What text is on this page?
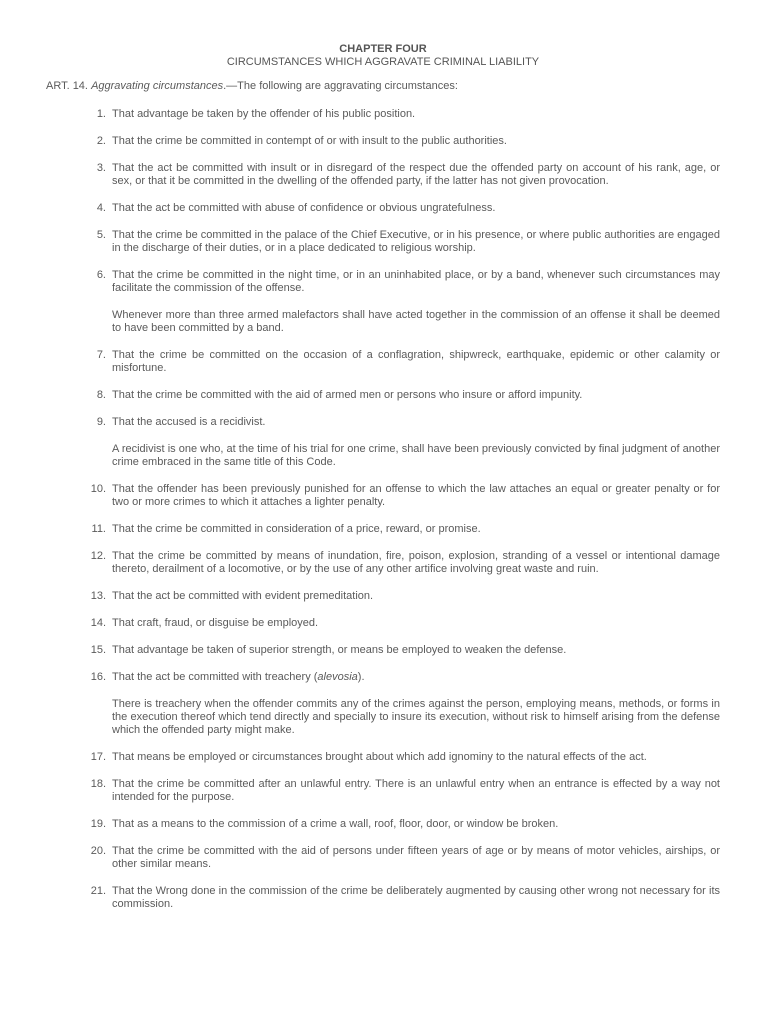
CHAPTER FOUR

CIRCUMSTANCES WHICH AGGRAVATE CRIMINAL LIABILITY

ART. 14. Aggravating circumstances.—The following are aggravating circumstances:

1. That advantage be taken by the offender of his public position.
2. That the crime be committed in contempt of or with insult to the public authorities.
3. That the act be committed with insult or in disregard of the respect due the offended party on account of his rank, age, or sex, or that it be committed in the dwelling of the offended party, if the latter has not given provocation.
4. That the act be committed with abuse of confidence or obvious ungratefulness.
5. That the crime be committed in the palace of the Chief Executive, or in his presence, or where public authorities are engaged in the discharge of their duties, or in a place dedicated to religious worship.
6. That the crime be committed in the night time, or in an uninhabited place, or by a band, whenever such circumstances may facilitate the commission of the offense.
Whenever more than three armed malefactors shall have acted together in the commission of an offense it shall be deemed to have been committed by a band.
7. That the crime be committed on the occasion of a conflagration, shipwreck, earthquake, epidemic or other calamity or misfortune.
8. That the crime be committed with the aid of armed men or persons who insure or afford impunity.
9. That the accused is a recidivist.
A recidivist is one who, at the time of his trial for one crime, shall have been previously convicted by final judgment of another crime embraced in the same title of this Code.
10. That the offender has been previously punished for an offense to which the law attaches an equal or greater penalty or for two or more crimes to which it attaches a lighter penalty.
11. That the crime be committed in consideration of a price, reward, or promise.
12. That the crime be committed by means of inundation, fire, poison, explosion, stranding of a vessel or intentional damage thereto, derailment of a locomotive, or by the use of any other artifice involving great waste and ruin.
13. That the act be committed with evident premeditation.
14. That craft, fraud, or disguise be employed.
15. That advantage be taken of superior strength, or means be employed to weaken the defense.
16. That the act be committed with treachery (alevosia).
There is treachery when the offender commits any of the crimes against the person, employing means, methods, or forms in the execution thereof which tend directly and specially to insure its execution, without risk to himself arising from the defense which the offended party might make.
17. That means be employed or circumstances brought about which add ignominy to the natural effects of the act.
18. That the crime be committed after an unlawful entry. There is an unlawful entry when an entrance is effected by a way not intended for the purpose.
19. That as a means to the commission of a crime a wall, roof, floor, door, or window be broken.
20. That the crime be committed with the aid of persons under fifteen years of age or by means of motor vehicles, airships, or other similar means.
21. That the Wrong done in the commission of the crime be deliberately augmented by causing other wrong not necessary for its commission.
